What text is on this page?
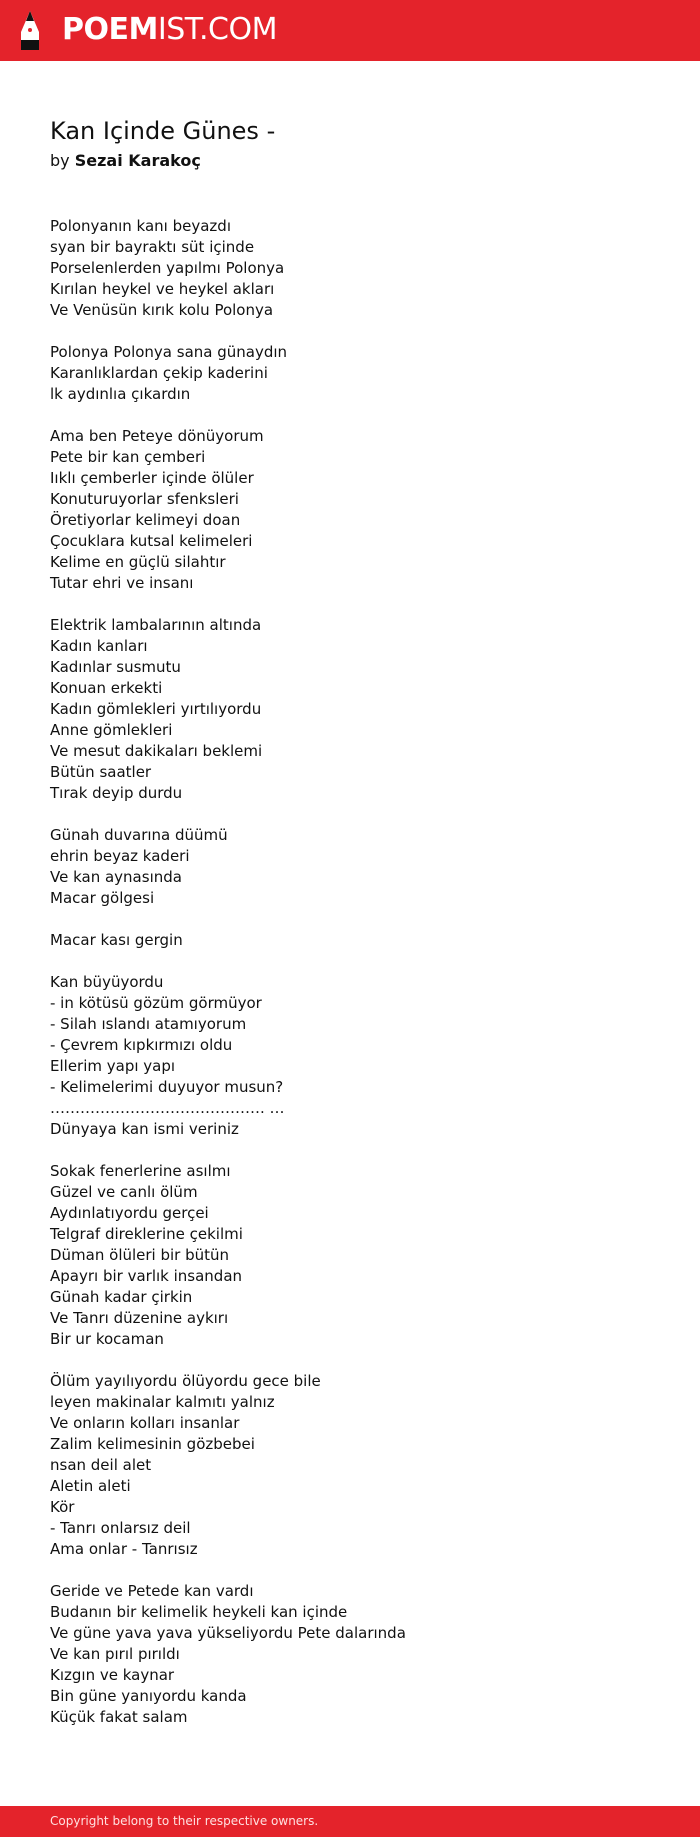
POEMIST.COM
Kan Içinde Günes -
by Sezai Karakoç
Polonyanın kanı beyazdı
syan bir bayraktı süt içinde
Porselenlerden yapılmı Polonya
Kırılan heykel ve heykel akları
Ve Venüsün kırık kolu Polonya
Polonya Polonya sana günaydın
Karanlıklardan çekip kaderini
lk aydınlıa çıkardın
Ama ben Peteye dönüyorum
Pete bir kan çemberi
Iıklı çemberler içinde ölüler
Konuturuyorlar sfenksleri
Öretiyorlar kelimeyi doan
Çocuklara kutsal kelimeleri
Kelime en güçlü silahtır
Tutar ehri ve insanı
Elektrik lambalarının altında
Kadın kanları
Kadınlar susmutu
Konuan erkekti
Kadın gömlekleri yırtılıyordu
Anne gömlekleri
Ve mesut dakikaları beklemi
Bütün saatler
Tırak deyip durdu
Günah duvarına düümü
ehrin beyaz kaderi
Ve kan aynasında
Macar gölgesi
Macar kası gergin
Kan büyüyordu
- in kötüsü gözüm görmüyor
- Silah ıslandı atamıyorum
- Çevrem kıpkırmızı oldu
Ellerim yapı yapı
- Kelimelerimi duyuyor musun?
……………………………………. …
Dünyaya kan ismi veriniz
Sokak fenerlerine asılmı
Güzel ve canlı ölüm
Aydınlatıyordu gerçei
Telgraf direklerine çekilmi
Düman ölüleri bir bütün
Apayrı bir varlık insandan
Günah kadar çirkin
Ve Tanrı düzenine aykırı
Bir ur kocaman
Ölüm yayılıyordu ölüyordu gece bile
leyen makinalar kalmıtı yalnız
Ve onların kolları insanlar
Zalim kelimesinin gözbebei
nsan deil alet
Aletin aleti
Kör
- Tanrı onlarsız deil
Ama onlar - Tanrısız
Geride ve Petede kan vardı
Budanın bir kelimelik heykeli kan içinde
Ve güne yava yava yükseliyordu Pete dalarında
Ve kan pırıl pırıldı
Kızgın ve kaynar
Bin güne yanıyordu kanda
Küçük fakat salam
Copyright belong to their respective owners.
